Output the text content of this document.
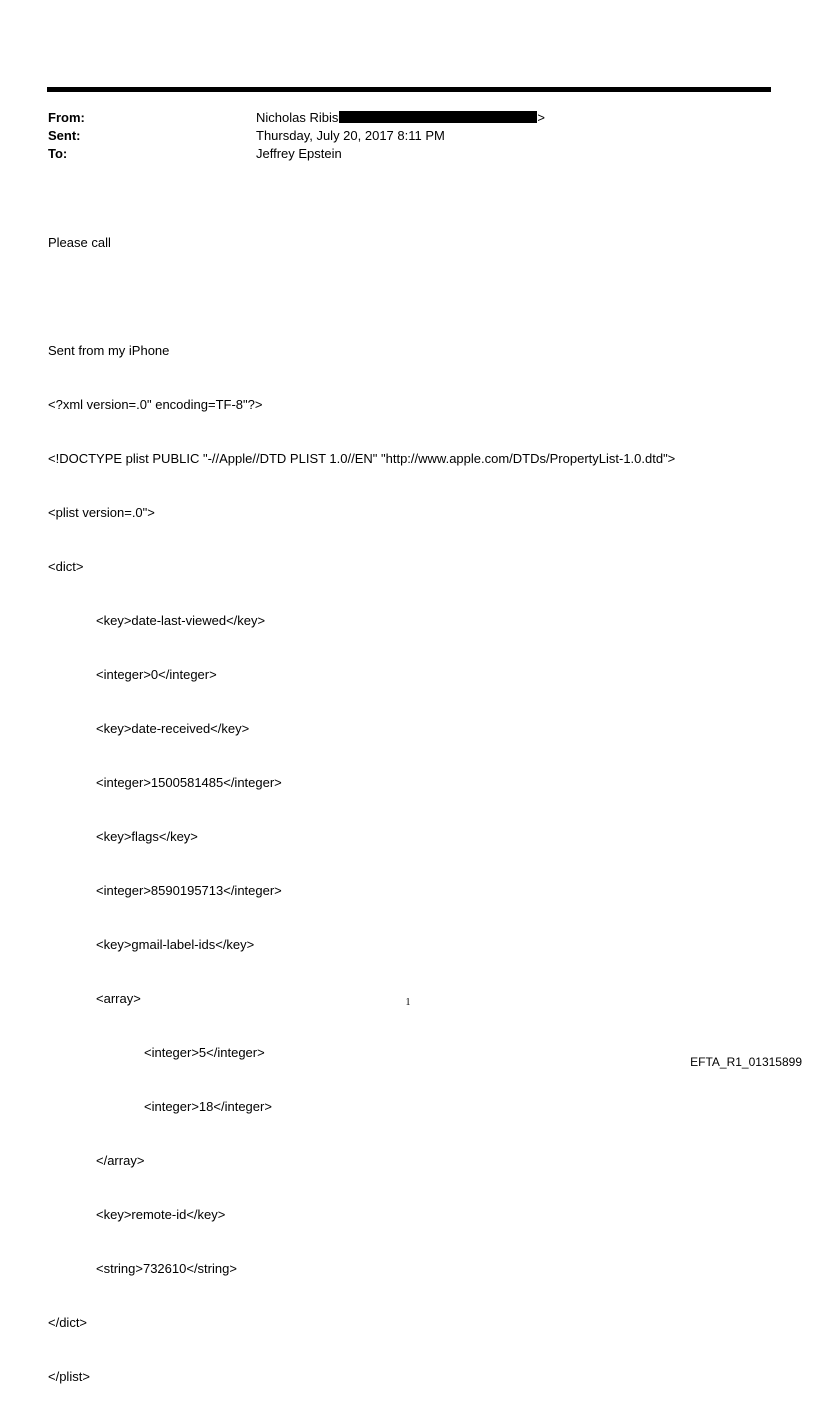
From:	Nicholas Ribis	>
Sent:	Thursday, July 20, 2017 8:11 PM
To:	Jeffrey Epstein

Please call

Sent from my iPhone

<?xml version=.0" encoding=TF-8"?>

<!DOCTYPE plist PUBLIC "-//Apple//DTD PLIST 1.0//EN" "http://www.apple.com/DTDs/PropertyList-1.0.dtd">

<plist version=.0">

<dict>

<key>date-last-viewed</key>

<integer>0</integer>

<key>date-received</key>

<integer>1500581485</integer>

<key>flags</key>

<integer>8590195713</integer>

<key>gmail-label-ids</key>

<array>

<integer>5</integer>

<integer>18</integer>

</array>

<key>remote-id</key>

<string>732610</string>

</dict>

</plist>

1
EFTA_R1_01315899
